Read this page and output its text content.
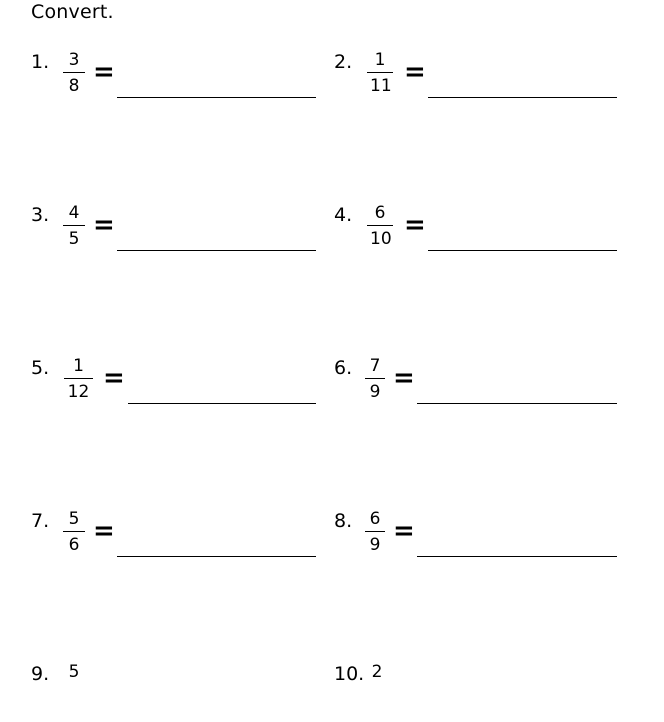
Convert.
1.	3
8 =	2.	1
11 =
3.	4
5 =	4.	6
10 =
5.	1
12 =	6. 7
9 =
7.	5
6 =	8. 6
9 =
9.	5	10. 2
